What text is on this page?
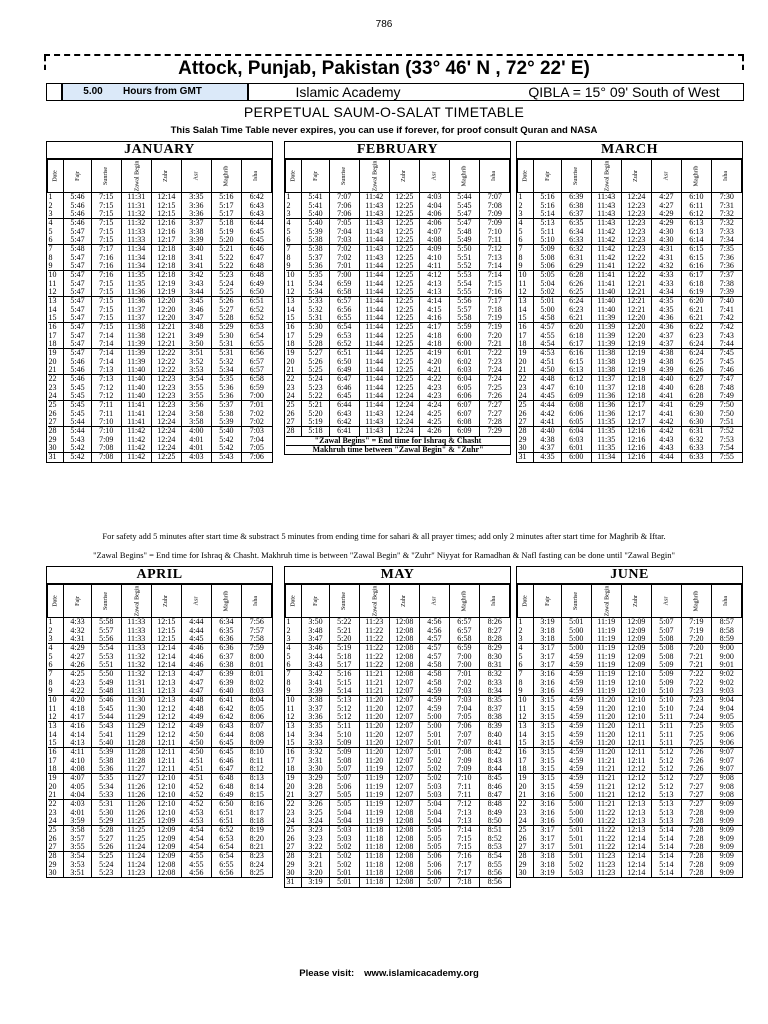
786
Attock, Punjab, Pakistan (33° 46' N , 72° 22' E)
5.00 Hours from GMT	Islamic Academy	QIBLA = 15° 09' South of West
PERPETUAL SAUM-O-SALAT TIMETABLE
This Salah Time Table never expires, you can use if forever, for proof consult Quran and NASA
JANUARY
Date	Fajr	Sunrise	Zawal Begin	Zuhr	Asr	Maghrib	Isha
1	5:46	7:15	11:31	12:14	3:35	5:16	6:42
2	5:46	7:15	11:31	12:15	3:36	5:17	6:43
3	5:46	7:15	11:32	12:15	3:36	5:17	6:43
4	5:46	7:15	11:32	12:16	3:37	5:18	6:44
5	5:47	7:15	11:33	12:16	3:38	5:19	6:45
6	5:47	7:15	11:33	12:17	3:39	5:20	6:45
7	5:48	7:17	11:34	12:18	3:40	5:21	6:46
8	5:47	7:16	11:34	12:18	3:41	5:22	6:47
9	5:47	7:16	11:34	12:18	3:41	5:22	6:48
10	5:47	7:16	11:35	12:18	3:42	5:23	6:48
11	5:47	7:15	11:35	12:19	3:43	5:24	6:49
12	5:47	7:15	11:36	12:19	3:44	5:25	6:50
13	5:47	7:15	11:36	12:20	3:45	5:26	6:51
14	5:47	7:15	11:37	12:20	3:46	5:27	6:52
15	5:47	7:15	11:37	12:20	3:47	5:28	6:52
16	5:47	7:15	11:38	12:21	3:48	5:29	6:53
17	5:47	7:14	11:38	12:21	3:49	5:30	6:54
18	5:47	7:14	11:39	12:21	3:50	5:31	6:55
19	5:47	7:14	11:39	12:22	3:51	5:31	6:56
20	5:46	7:14	11:39	12:22	3:52	5:32	6:57
21	5:46	7:13	11:40	12:22	3:53	5:34	6:57
22	5:46	7:13	11:40	12:23	3:54	5:35	6:58
23	5:45	7:12	11:40	12:23	3:55	5:36	6:59
24	5:45	7:12	11:40	12:23	3:55	5:36	7:00
25	5:45	7:11	11:41	12:23	3:56	5:37	7:01
26	5:45	7:11	11:41	12:24	3:58	5:38	7:02
27	5:44	7:10	11:41	12:24	3:58	5:39	7:02
28	5:44	7:10	11:42	12:24	4:00	5:40	7:03
29	5:43	7:09	11:42	12:24	4:01	5:42	7:04
30	5:42	7:08	11:42	12:24	4:01	5:42	7:05
31	5:42	7:08	11:42	12:25	4:03	5:43	7:06
FEBRUARY
Date	Fajr	Sunrise	Zawal Begin	Zuhr	Asr	Maghrib	Isha
1	5:41	7:07	11:42	12:25	4:03	5:44	7:07
2	5:41	7:06	11:43	12:25	4:04	5:45	7:08
3	5:40	7:06	11:43	12:25	4:06	5:47	7:09
4	5:40	7:05	11:43	12:25	4:06	5:47	7:09
5	5:39	7:04	11:43	12:25	4:07	5:48	7:10
6	5:38	7:03	11:44	12:25	4:08	5:49	7:11
7	5:38	7:02	11:43	12:25	4:09	5:50	7:12
8	5:37	7:02	11:43	12:25	4:10	5:51	7:13
9	5:36	7:01	11:44	12:25	4:11	5:52	7:14
10	5:35	7:00	11:44	12:25	4:12	5:53	7:14
11	5:34	6:59	11:44	12:25	4:13	5:54	7:15
12	5:34	6:58	11:44	12:25	4:13	5:55	7:16
13	5:33	6:57	11:44	12:25	4:14	5:56	7:17
14	5:32	6:56	11:44	12:25	4:15	5:57	7:18
15	5:31	6:55	11:44	12:25	4:16	5:58	7:19
16	5:30	6:54	11:44	12:25	4:17	5:59	7:19
17	5:29	6:53	11:44	12:25	4:18	6:00	7:20
18	5:28	6:52	11:44	12:25	4:18	6:00	7:21
19	5:27	6:51	11:44	12:25	4:19	6:01	7:22
20	5:26	6:50	11:44	12:25	4:20	6:02	7:23
21	5:25	6:49	11:44	12:25	4:21	6:03	7:24
22	5:24	6:47	11:44	12:25	4:22	6:04	7:24
23	5:23	6:46	11:44	12:25	4:23	6:05	7:25
24	5:22	6:45	11:44	12:24	4:23	6:06	7:26
25	5:21	6:44	11:44	12:24	4:24	6:07	7:27
26	5:20	6:43	11:43	12:24	4:25	6:07	7:27
27	5:19	6:42	11:43	12:24	4:25	6:08	7:28
28	5:18	6:41	11:43	12:24	4:26	6:09	7:29
"Zawal Begins" = End time for Ishraq & Chasht							
Makhruh time between "Zawal Begin" & "Zuhr"							
MARCH
Date	Fajr	Sunrise	Zawal Begin	Zuhr	Asr	Maghrib	Isha
1	5:16	6:39	11:43	12:24	4:27	6:10	7:30
2	5:16	6:38	11:43	12:23	4:27	6:11	7:31
3	5:14	6:37	11:43	12:23	4:29	6:12	7:32
4	5:13	6:35	11:43	12:23	4:29	6:13	7:32
5	5:11	6:34	11:42	12:23	4:30	6:13	7:33
6	5:10	6:33	11:42	12:23	4:30	6:14	7:34
7	5:09	6:32	11:42	12:23	4:31	6:15	7:35
8	5:08	6:31	11:42	12:22	4:31	6:15	7:36
9	5:06	6:29	11:41	12:22	4:32	6:16	7:36
10	5:05	6:28	11:41	12:22	4:33	6:17	7:37
11	5:04	6:26	11:41	12:21	4:33	6:18	7:38
12	5:02	6:25	11:40	12:21	4:34	6:19	7:39
13	5:01	6:24	11:40	12:21	4:35	6:20	7:40
14	5:00	6:23	11:40	12:21	4:35	6:21	7:41
15	4:58	6:21	11:39	12:20	4:36	6:21	7:42
16	4:57	6:20	11:39	12:20	4:36	6:22	7:42
17	4:55	6:18	11:39	12:20	4:37	6:23	7:43
18	4:54	6:17	11:39	12:19	4:37	6:24	7:44
19	4:53	6:16	11:38	12:19	4:38	6:24	7:45
20	4:51	6:15	11:38	12:19	4:38	6:25	7:45
21	4:50	6:13	11:38	12:19	4:39	6:26	7:46
22	4:48	6:12	11:37	12:18	4:40	6:27	7:47
23	4:47	6:10	11:37	12:18	4:40	6:28	7:48
24	4:45	6:09	11:36	12:18	4:41	6:28	7:49
25	4:44	6:08	11:36	12:17	4:41	6:29	7:50
26	4:42	6:06	11:36	12:17	4:41	6:30	7:50
27	4:41	6:05	11:35	12:17	4:42	6:30	7:51
28	4:40	6:04	11:35	12:16	4:42	6:31	7:52
29	4:38	6:03	11:35	12:16	4:43	6:32	7:53
30	4:37	6:01	11:35	12:16	4:43	6:33	7:54
31	4:35	6:00	11:34	12:16	4:44	6:33	7:55
APRIL
Date	Fajr	Sunrise	Zawal Begin	Zuhr	Asr	Maghrib	Isha
1	4:33	5:58	11:33	12:15	4:44	6:34	7:56
2	4:32	5:57	11:33	12:15	4:44	6:35	7:57
3	4:31	5:56	11:33	12:15	4:45	6:36	7:58
4	4:29	5:54	11:33	12:14	4:46	6:36	7:59
5	4:27	5:53	11:32	12:14	4:46	6:37	8:00
6	4:26	5:51	11:32	12:14	4:46	6:38	8:01
7	4:25	5:50	11:32	12:13	4:47	6:39	8:01
8	4:23	5:49	11:31	12:13	4:47	6:39	8:02
9	4:22	5:48	11:31	12:13	4:47	6:40	8:03
10	4:20	5:46	11:30	12:13	4:48	6:41	8:04
11	4:18	5:45	11:30	12:12	4:48	6:42	8:05
12	4:17	5:44	11:29	12:12	4:49	6:42	8:06
13	4:16	5:43	11:29	12:12	4:49	6:43	8:07
14	4:14	5:41	11:29	12:12	4:50	6:44	8:08
15	4:13	5:40	11:28	12:11	4:50	6:45	8:09
16	4:11	5:39	11:28	12:11	4:50	6:45	8:10
17	4:10	5:38	11:28	12:11	4:51	6:46	8:11
18	4:08	5:36	11:27	12:11	4:51	6:47	8:12
19	4:07	5:35	11:27	12:10	4:51	6:48	8:13
20	4:05	5:34	11:26	12:10	4:52	6:48	8:14
21	4:04	5:33	11:26	12:10	4:52	6:49	8:15
22	4:03	5:31	11:26	12:10	4:52	6:50	8:16
23	4:01	5:30	11:26	12:10	4:53	6:51	8:17
24	3:59	5:29	11:25	12:09	4:53	6:51	8:18
25	3:58	5:28	11:25	12:09	4:54	6:52	8:19
26	3:57	5:27	11:25	12:09	4:54	6:53	8:20
27	3:55	5:26	11:24	12:09	4:54	6:54	8:21
28	3:54	5:25	11:24	12:09	4:55	6:54	8:23
29	3:53	5:24	11:24	12:08	4:55	6:55	8:24
30	3:51	5:23	11:23	12:08	4:56	6:56	8:25
MAY
Date	Fajr	Sunrise	Zawal Begin	Zuhr	Asr	Maghrib	Isha
1	3:50	5:22	11:23	12:08	4:56	6:57	8:26
2	3:48	5:21	11:22	12:08	4:56	6:57	8:27
3	3:47	5:20	11:22	12:08	4:57	6:58	8:28
4	3:46	5:19	11:22	12:08	4:57	6:59	8:29
5	3:44	5:18	11:22	12:08	4:57	7:00	8:30
6	3:43	5:17	11:22	12:08	4:58	7:00	8:31
7	3:42	5:16	11:21	12:08	4:58	7:01	8:32
8	3:41	5:15	11:21	12:07	4:58	7:02	8:33
9	3:39	5:14	11:21	12:07	4:59	7:03	8:34
10	3:38	5:13	11:20	12:07	4:59	7:03	8:35
11	3:37	5:12	11:20	12:07	4:59	7:04	8:37
12	3:36	5:12	11:20	12:07	5:00	7:05	8:38
13	3:35	5:11	11:20	12:07	5:00	7:06	8:39
14	3:34	5:10	11:20	12:07	5:01	7:07	8:40
15	3:33	5:09	11:20	12:07	5:01	7:07	8:41
16	3:32	5:09	11:20	12:07	5:01	7:08	8:42
17	3:31	5:08	11:20	12:07	5:02	7:09	8:43
18	3:30	5:07	11:19	12:07	5:02	7:09	8:44
19	3:29	5:07	11:19	12:07	5:02	7:10	8:45
20	3:28	5:06	11:19	12:07	5:03	7:11	8:46
21	3:27	5:05	11:19	12:07	5:03	7:11	8:47
22	3:26	5:05	11:19	12:07	5:04	7:12	8:48
23	3:25	5:04	11:19	12:08	5:04	7:13	8:49
24	3:24	5:04	11:19	12:08	5:04	7:13	8:50
25	3:23	5:03	11:18	12:08	5:05	7:14	8:51
26	3:23	5:03	11:18	12:08	5:05	7:15	8:52
27	3:22	5:02	11:18	12:08	5:05	7:15	8:53
28	3:21	5:02	11:18	12:08	5:06	7:16	8:54
29	3:21	5:02	11:18	12:08	5:06	7:17	8:55
30	3:20	5:01	11:18	12:08	5:06	7:17	8:56
31	3:19	5:01	11:18	12:08	5:07	7:18	8:56
JUNE
Date	Fajr	Sunrise	Zawal Begin	Zuhr	Asr	Maghrib	Isha
1	3:19	5:01	11:19	12:09	5:07	7:19	8:57
2	3:18	5:00	11:19	12:09	5:07	7:19	8:58
3	3:18	5:00	11:19	12:09	5:08	7:20	8:59
4	3:17	5:00	11:19	12:09	5:08	7:20	9:00
5	3:17	4:59	11:19	12:09	5:08	7:21	9:00
6	3:17	4:59	11:19	12:09	5:09	7:21	9:01
7	3:16	4:59	11:19	12:10	5:09	7:22	9:02
8	3:16	4:59	11:19	12:10	5:09	7:22	9:02
9	3:16	4:59	11:19	12:10	5:10	7:23	9:03
10	3:15	4:59	11:20	12:10	5:10	7:23	9:04
11	3:15	4:59	11:20	12:10	5:10	7:24	9:04
12	3:15	4:59	11:20	12:10	5:11	7:24	9:05
13	3:15	4:59	11:20	12:11	5:11	7:25	9:05
14	3:15	4:59	11:20	12:11	5:11	7:25	9:06
15	3:15	4:59	11:20	12:11	5:11	7:25	9:06
16	3:15	4:59	11:20	12:11	5:12	7:26	9:07
17	3:15	4:59	11:21	12:11	5:12	7:26	9:07
18	3:15	4:59	11:21	12:12	5:12	7:26	9:07
19	3:15	4:59	11:21	12:12	5:12	7:27	9:08
20	3:15	4:59	11:21	12:12	5:12	7:27	9:08
21	3:16	5:00	11:21	12:12	5:13	7:27	9:08
22	3:16	5:00	11:21	12:13	5:13	7:27	9:09
23	3:16	5:00	11:22	12:13	5:13	7:28	9:09
24	3:16	5:00	11:22	12:13	5:13	7:28	9:09
25	3:17	5:01	11:22	12:13	5:14	7:28	9:09
26	3:17	5:01	11:22	12:14	5:14	7:28	9:09
27	3:17	5:01	11:22	12:14	5:14	7:28	9:09
28	3:18	5:01	11:23	12:14	5:14	7:28	9:09
29	3:18	5:02	11:23	12:14	5:14	7:28	9:09
30	3:19	5:03	11:23	12:14	5:14	7:28	9:09
For safety add 5 minutes after start time & substract 5 minutes from ending time for sahari & all prayer times; add only 2 minutes after start time for Maghrib & Iftar.
"Zawal Begins" = End time for Ishraq & Chasht. Makhruh time is between "Zawal Begin" & "Zuhr" Niyyat for Ramadhan & Nafl fasting can be done until "Zawal Begin"
Please visit: www.islamicacademy.org
